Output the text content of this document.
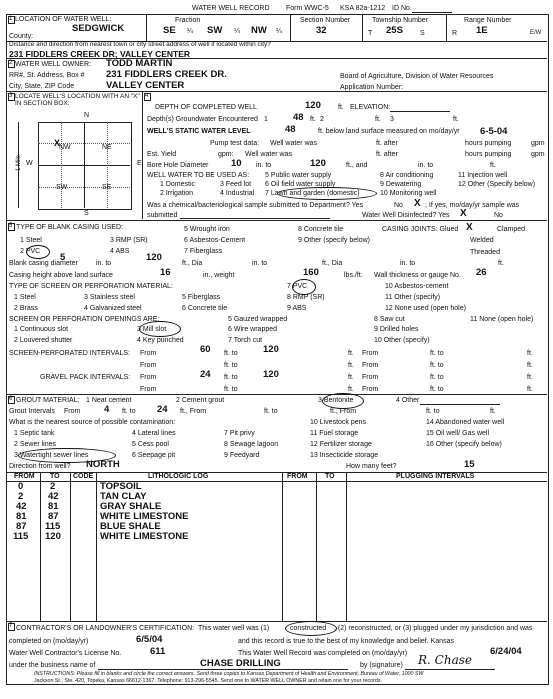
WATER WELL RECORD Form WWC-5 KSA 82a-1212 ID No.
1 LOCATION OF WATER WELL:
County:
SEDGWICK
Fraction
SE ¼ SW ¼ NW ¼
Section Number
32
Township Number
T 25S S
Range Number
R 1E	E/W
Distance and direction from nearest town or city street address of well if located within city?
231 FIDDLERS CREEK DR; VALLEY CENTER
2 WATER WELL OWNER: TODD MARTIN
RR#, St. Address, Box # 231 FIDDLERS CREEK DR.
City, State, ZIP Code	VALLEY CENTER
Board of Agriculture, Division of Water Resources
Application Number:
3 LOCATE WELL'S LOCATION WITH AN "X" IN SECTION BOX:
N
S
W	E
1 Mile
X
NW	NE
SW	SE
4
DEPTH OF COMPLETED WELL	120 ft. ELEVATION:
Depth(s) Groundwater Encountered 1	48 ft. 2	ft. 3	ft.
WELL'S STATIC WATER LEVEL	48	ft. below land surface measured on mo/day/yr 6-5-04
Pump test data: Well water was	ft. after	hours pumping	gpm
Est. Yield	gpm: Well water was	ft. after	hours pumping	gpm
Bore Hole Diameter 10 in. to	120	ft., and	in. to	ft.
WELL WATER TO BE USED AS:
1 Domestic
2 Irrigation
3 Feed lot
4 Industrial
5 Public water supply
6 Oil field water supply
7 Lawn and garden (domestic)
8 Air conditioning
9 Dewatering
10 Monitoring well
11 Injection well
12 Other (Specify below)
Was a chemical/bacteriological sample submitted to Department? Yes	No X ; If yes, mo/day/yr sample was
submitted	Water Well Disinfected? Yes X	No
5 TYPE OF BLANK CASING USED:
1 Steel
2 PVC
3 RMP (SR)
4 ABS
5 Wrought iron
6 Asbestos-Cement
7 Fiberglass
8 Concrete tile
9 Other (specify below)
CASING JOINTS: Glued X	Clamped
Welded
Threaded
Blank casing diameter
5
in. to
120
ft., Dia	in. to	ft., Dia	in. to	ft.
Casing height above land surface	16	in., weight	160	lbs./ft. Wall thickness or gauge No. 26
TYPE OF SCREEN OR PERFORATION MATERIAL:
1 Steel
2 Brass
3 Stainless steel
4 Galvanized steel
5 Fiberglass
6 Concrete tile
7 PVC
8 RMP (SR)
9 ABS
10 Asbestos-cement
11 Other (specify)
12 None used (open hole)
SCREEN OR PERFORATION OPENINGS ARE:
1 Continuous slot
2 Louvered shutter
3 Mill slot
4 Key punched
5 Gauzed wrapped
6 Wire wrapped
7 Torch cut
8 Saw cut
9 Drilled holes
10 Other (specify)
11 None (open hole)
SCREEN-PERFORATED INTERVALS: From	60 ft. to	120	ft. From	ft. to	ft.
From	ft. to	ft. From	ft. to	ft.
GRAVEL PACK INTERVALS: From	24 ft. to	120	ft. From	ft. to	ft.
From	ft. to	ft. From	ft. to	ft.
6 GROUT MATERIAL: 1 Neat cement	2 Cement grout	3 Bentonite	4 Other
Grout Intervals From 4 ft. to 24 ft., From	ft. to	ft., From	ft. to	ft.
What is the nearest source of possible contamination:
1 Septic tank
2 Sewer lines
3 Watertight sewer lines
4 Lateral lines
5 Cess pool
6 Seepage pit
7 Pit privy
8 Sewage lagoon
9 Feedyard
10 Livestock pens
11 Fuel storage
12 Fertilizer storage
13 Insecticide storage
14 Abandoned water well
15 Oil well/ Gas well
16 Other (specify below)
Direction from well? NORTH	How many feet?	15
FROM TO CODE	LITHOLOGIC LOG	FROM TO	PLUGGING INTERVALS
0	2	TOPSOIL
2	42	TAN CLAY
42 81	GRAY SHALE
81 87	WHITE LIMESTONE
87 115	BLUE SHALE
115 120	WHITE LIMESTONE
7 CONTRACTOR'S OR LANDOWNER'S CERTIFICATION: This water well was (1)	constructed , (2) reconstructed, or (3) plugged under my jurisdiction and was
completed on (mo/day/yr)	6/5/04	and this record is true to the best of my knowledge and belief. Kansas
Water Well Contractor's License No.	611	This Water Well Record was completed on (mo/day/yr)	6/24/04
under the business name of	CHASE DRILLING	by (signature) R. Chase
INSTRUCTIONS: Please fill in blanks and circle the correct answers. Send three copies to Kansas Department of Health and Environment, Bureau of Water, 1000 SW
Jackson St., Ste. 420, Topeka, Kansas 66612-1367. Telephone: 913-296-5545. Send one to WATER WELL OWNER and retain one for your records.
